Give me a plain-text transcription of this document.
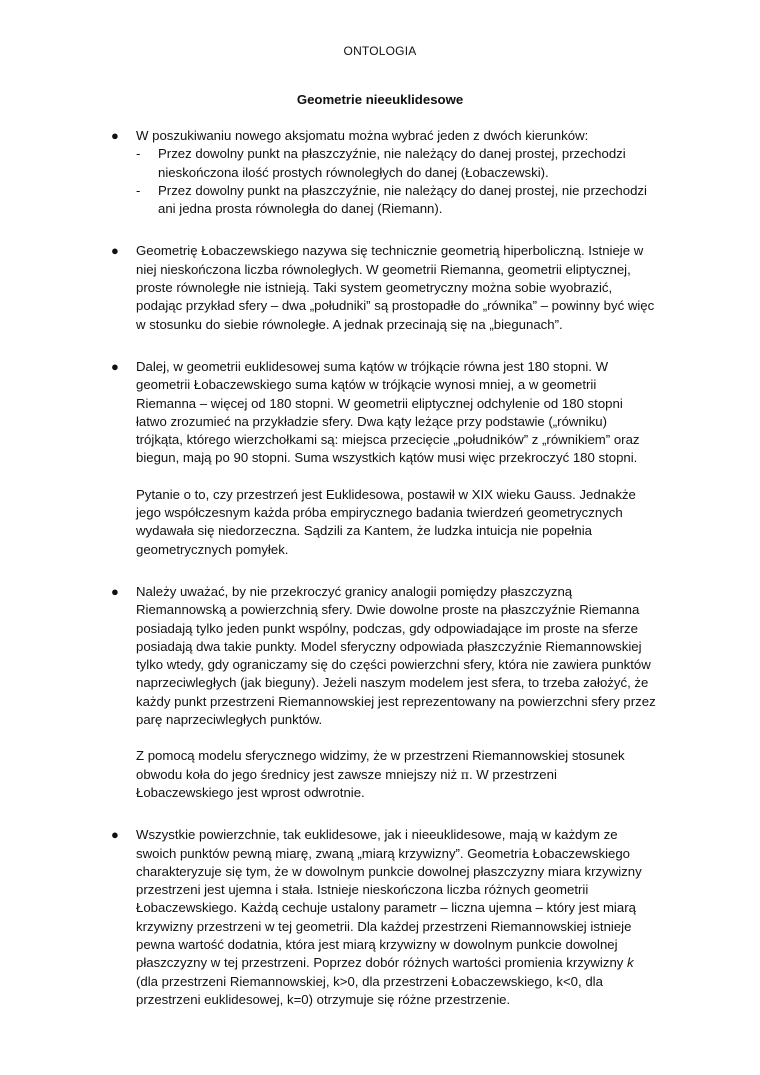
ONTOLOGIA
Geometrie nieeuklidesowe
● W poszukiwaniu nowego aksjomatu można wybrać jeden z dwóch kierunków:

- Przez dowolny punkt na płaszczyźnie, nie należący do danej prostej, przechodzi nieskończona ilość prostych równoległych do danej (Łobaczewski).
- Przez dowolny punkt na płaszczyźnie, nie należący do danej prostej, nie przechodzi ani jedna prosta równoległa do danej (Riemann).
● Geometrię Łobaczewskiego nazywa się technicznie geometrią hiperboliczną. Istnieje w niej nieskończona liczba równoległych. W geometrii Riemanna, geometrii eliptycznej, proste równoległe nie istnieją. Taki system geometryczny można sobie wyobrazić, podając przykład sfery – dwa „południki” są prostopadłe do „równika” – powinny być więc w stosunku do siebie równoległe. A jednak przecinają się na „biegunach”.

● Dalej, w geometrii euklidesowej suma kątów w trójkącie równa jest 180 stopni. W geometrii Łobaczewskiego suma kątów w trójkącie wynosi mniej, a w geometrii Riemanna – więcej od 180 stopni. W geometrii eliptycznej odchylenie od 180 stopni łatwo zrozumieć na przykładzie sfery. Dwa kąty leżące przy podstawie („równiku) trójkąta, którego wierzchołkami są: miejsca przecięcie „południków” z „równikiem” oraz biegun, mają po 90 stopni. Suma wszystkich kątów musi więc przekroczyć 180 stopni.

Pytanie o to, czy przestrzeń jest Euklidesowa, postawił w XIX wieku Gauss. Jednakże jego współczesnym każda próba empirycznego badania twierdzeń geometrycznych wydawała się niedorzeczna. Sądzili za Kantem, że ludzka intuicja nie popełnia geometrycznych pomyłek.

● Należy uważać, by nie przekroczyć granicy analogii pomiędzy płaszczyzną Riemannowską a powierzchnią sfery. Dwie dowolne proste na płaszczyźnie Riemanna posiadają tylko jeden punkt wspólny, podczas, gdy odpowiadające im proste na sferze posiadają dwa takie punkty. Model sferyczny odpowiada płaszczyźnie Riemannowskiej tylko wtedy, gdy ograniczamy się do części powierzchni sfery, która nie zawiera punktów naprzeciwległych (jak bieguny). Jeżeli naszym modelem jest sfera, to trzeba założyć, że każdy punkt przestrzeni Riemannowskiej jest reprezentowany na powierzchni sfery przez parę naprzeciwległych punktów.

Z pomocą modelu sferycznego widzimy, że w przestrzeni Riemannowskiej stosunek obwodu koła do jego średnicy jest zawsze mniejszy niż π. W przestrzeni Łobaczewskiego jest wprost odwrotnie.

● Wszystkie powierzchnie, tak euklidesowe, jak i nieeuklidesowe, mają w każdym ze swoich punktów pewną miarę, zwaną „miarą krzywizny”. Geometria Łobaczewskiego charakteryzuje się tym, że w dowolnym punkcie dowolnej płaszczyzny miara krzywizny przestrzeni jest ujemna i stała. Istnieje nieskończona liczba różnych geometrii Łobaczewskiego. Każdą cechuje ustalony parametr – liczna ujemna – który jest miarą krzywizny przestrzeni w tej geometrii. Dla każdej przestrzeni Riemannowskiej istnieje pewna wartość dodatnia, która jest miarą krzywizny w dowolnym punkcie dowolnej płaszczyzny w tej przestrzeni. Poprzez dobór różnych wartości promienia krzywizny k (dla przestrzeni Riemannowskiej, k>0, dla przestrzeni Łobaczewskiego, k<0, dla przestrzeni euklidesowej, k=0) otrzymuje się różne przestrzenie.
